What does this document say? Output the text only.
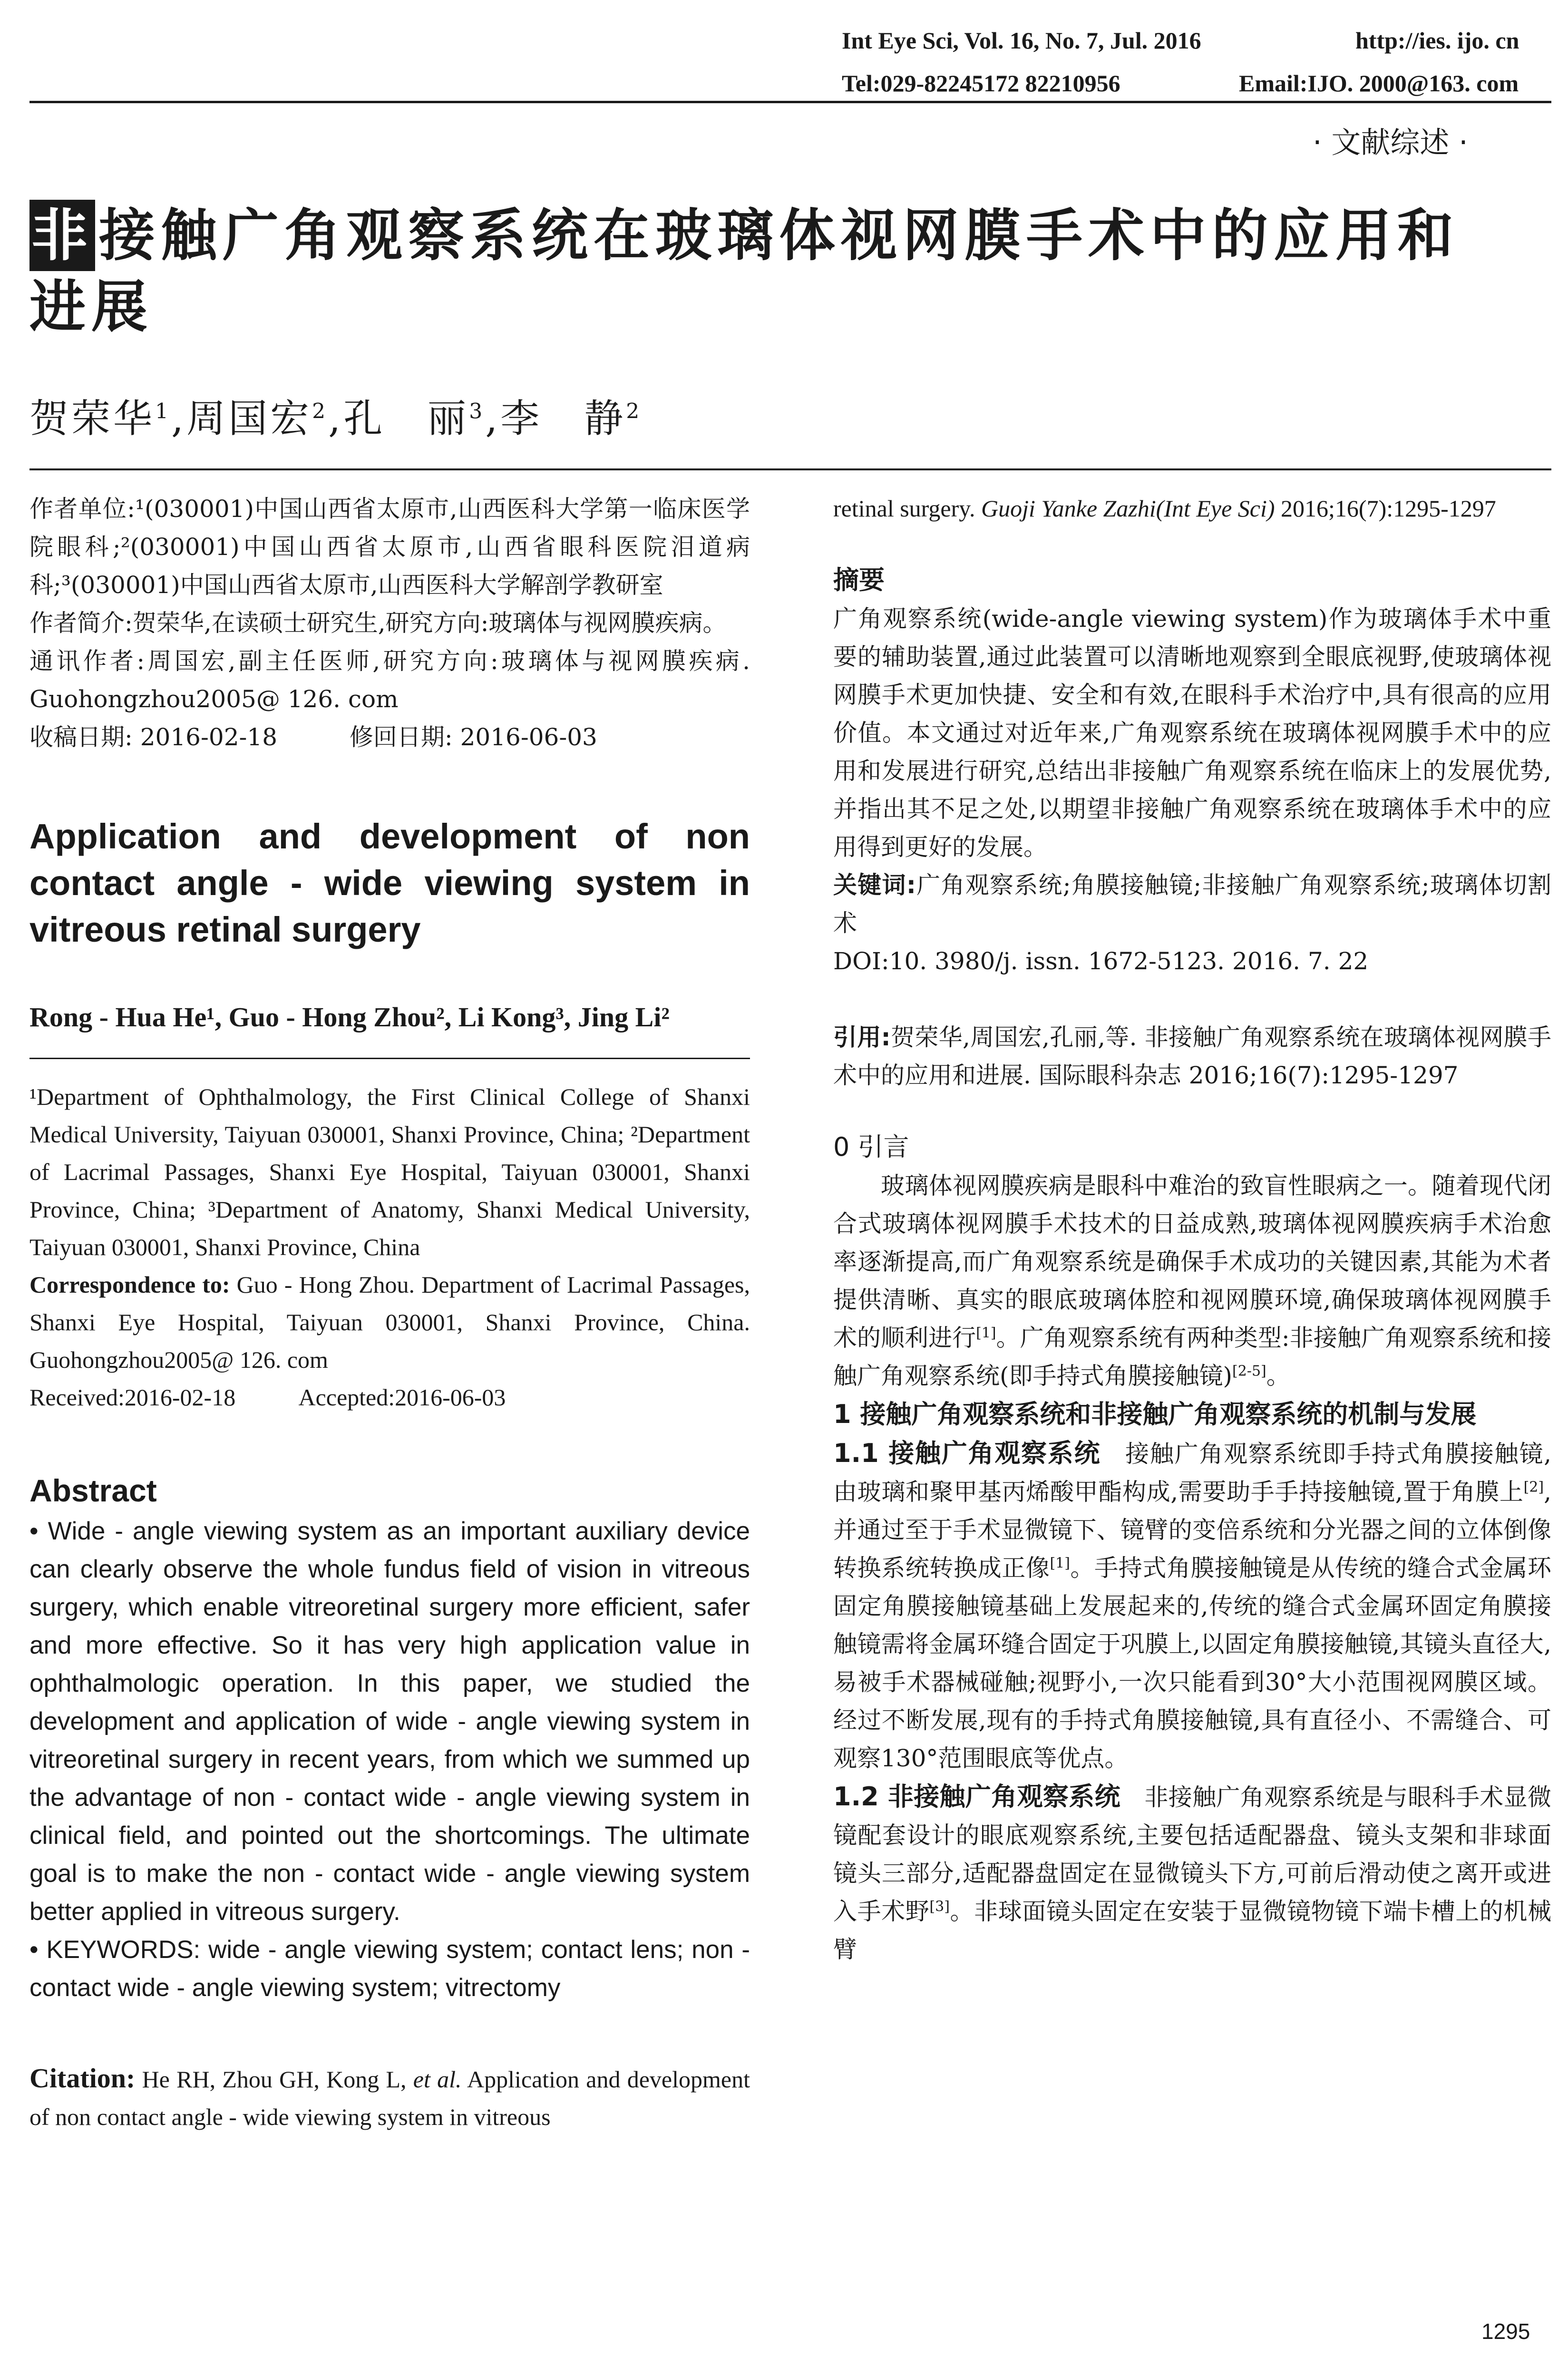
Int Eye Sci, Vol. 16, No. 7, Jul. 2016	http://ies. ijo. cn
Tel:029-82245172 82210956	Email:IJO. 2000@163. com
· 文献综述 ·
非 接触广角观察系统在玻璃体视网膜手术中的应用和
进展
贺荣华$^1$,周国宏$^2$,孔　丽$^3$,李　静$^2$

作者单位:¹(030001)中国山西省太原市,山西医科大学第一临床医学院眼科;²(030001)中国山西省太原市,山西省眼科医院泪道病科;³(030001)中国山西省太原市,山西医科大学解剖学教研室

作者简介:贺荣华,在读硕士研究生,研究方向:玻璃体与视网膜疾病。

通讯作者:周国宏,副主任医师,研究方向:玻璃体与视网膜疾病. Guohongzhou2005@ 126. com

收稿日期: 2016-02-18	修回日期: 2016-06-03

Application and development of non contact angle - wide viewing system in vitreous retinal surgery
Rong - Hua He¹, Guo - Hong Zhou², Li Kong³, Jing Li²

¹Department of Ophthalmology, the First Clinical College of Shanxi Medical University, Taiyuan 030001, Shanxi Province, China; ²Department of Lacrimal Passages, Shanxi Eye Hospital, Taiyuan 030001, Shanxi Province, China; ³Department of Anatomy, Shanxi Medical University, Taiyuan 030001, Shanxi Province, China

Correspondence to: Guo - Hong Zhou. Department of Lacrimal Passages, Shanxi Eye Hospital, Taiyuan 030001, Shanxi Province, China. Guohongzhou2005@ 126. com

Received:2016-02-18	Accepted:2016-06-03

Abstract

• Wide - angle viewing system as an important auxiliary device can clearly observe the whole fundus field of vision in vitreous surgery, which enable vitreoretinal surgery more efficient, safer and more effective. So it has very high application value in ophthalmologic operation. In this paper, we studied the development and application of wide - angle viewing system in vitreoretinal surgery in recent years, from which we summed up the advantage of non - contact wide - angle viewing system in clinical field, and pointed out the shortcomings. The ultimate goal is to make the non - contact wide - angle viewing system better applied in vitreous surgery.

• KEYWORDS: wide - angle viewing system; contact lens; non - contact wide - angle viewing system; vitrectomy

Citation: He RH, Zhou GH, Kong L, et al. Application and development of non contact angle - wide viewing system in vitreous

retinal surgery. Guoji Yanke Zazhi(Int Eye Sci) 2016;16(7):1295-1297

摘要

广角观察系统(wide-angle viewing system)作为玻璃体手术中重要的辅助装置,通过此装置可以清晰地观察到全眼底视野,使玻璃体视网膜手术更加快捷、安全和有效,在眼科手术治疗中,具有很高的应用价值。本文通过对近年来,广角观察系统在玻璃体视网膜手术中的应用和发展进行研究,总结出非接触广角观察系统在临床上的发展优势,并指出其不足之处,以期望非接触广角观察系统在玻璃体手术中的应用得到更好的发展。

关键词:广角观察系统;角膜接触镜;非接触广角观察系统;玻璃体切割术

DOI:10. 3980/j. issn. 1672-5123. 2016. 7. 22

引用:贺荣华,周国宏,孔丽,等. 非接触广角观察系统在玻璃体视网膜手术中的应用和进展. 国际眼科杂志 2016;16(7):1295-1297

0 引言

玻璃体视网膜疾病是眼科中难治的致盲性眼病之一。随着现代闭合式玻璃体视网膜手术技术的日益成熟,玻璃体视网膜疾病手术治愈率逐渐提高,而广角观察系统是确保手术成功的关键因素,其能为术者提供清晰、真实的眼底玻璃体腔和视网膜环境,确保玻璃体视网膜手术的顺利进行[1]。广角观察系统有两种类型:非接触广角观察系统和接触广角观察系统(即手持式角膜接触镜)[2-5]。

1 接触广角观察系统和非接触广角观察系统的机制与发展

1.1 接触广角观察系统　 接触广角观察系统即手持式角膜接触镜,由玻璃和聚甲基丙烯酸甲酯构成,需要助手手持接触镜,置于角膜上[2],并通过至于手术显微镜下、镜臂的变倍系统和分光器之间的立体倒像转换系统转换成正像[1]。手持式角膜接触镜是从传统的缝合式金属环固定角膜接触镜基础上发展起来的,传统的缝合式金属环固定角膜接触镜需将金属环缝合固定于巩膜上,以固定角膜接触镜,其镜头直径大,易被手术器械碰触;视野小,一次只能看到30°大小范围视网膜区域。经过不断发展,现有的手持式角膜接触镜,具有直径小、不需缝合、可观察130°范围眼底等优点。

1.2 非接触广角观察系统　 非接触广角观察系统是与眼科手术显微镜配套设计的眼底观察系统,主要包括适配器盘、镜头支架和非球面镜头三部分,适配器盘固定在显微镜头下方,可前后滑动使之离开或进入手术野[3]。非球面镜头固定在安装于显微镜物镜下端卡槽上的机械臂

1295
